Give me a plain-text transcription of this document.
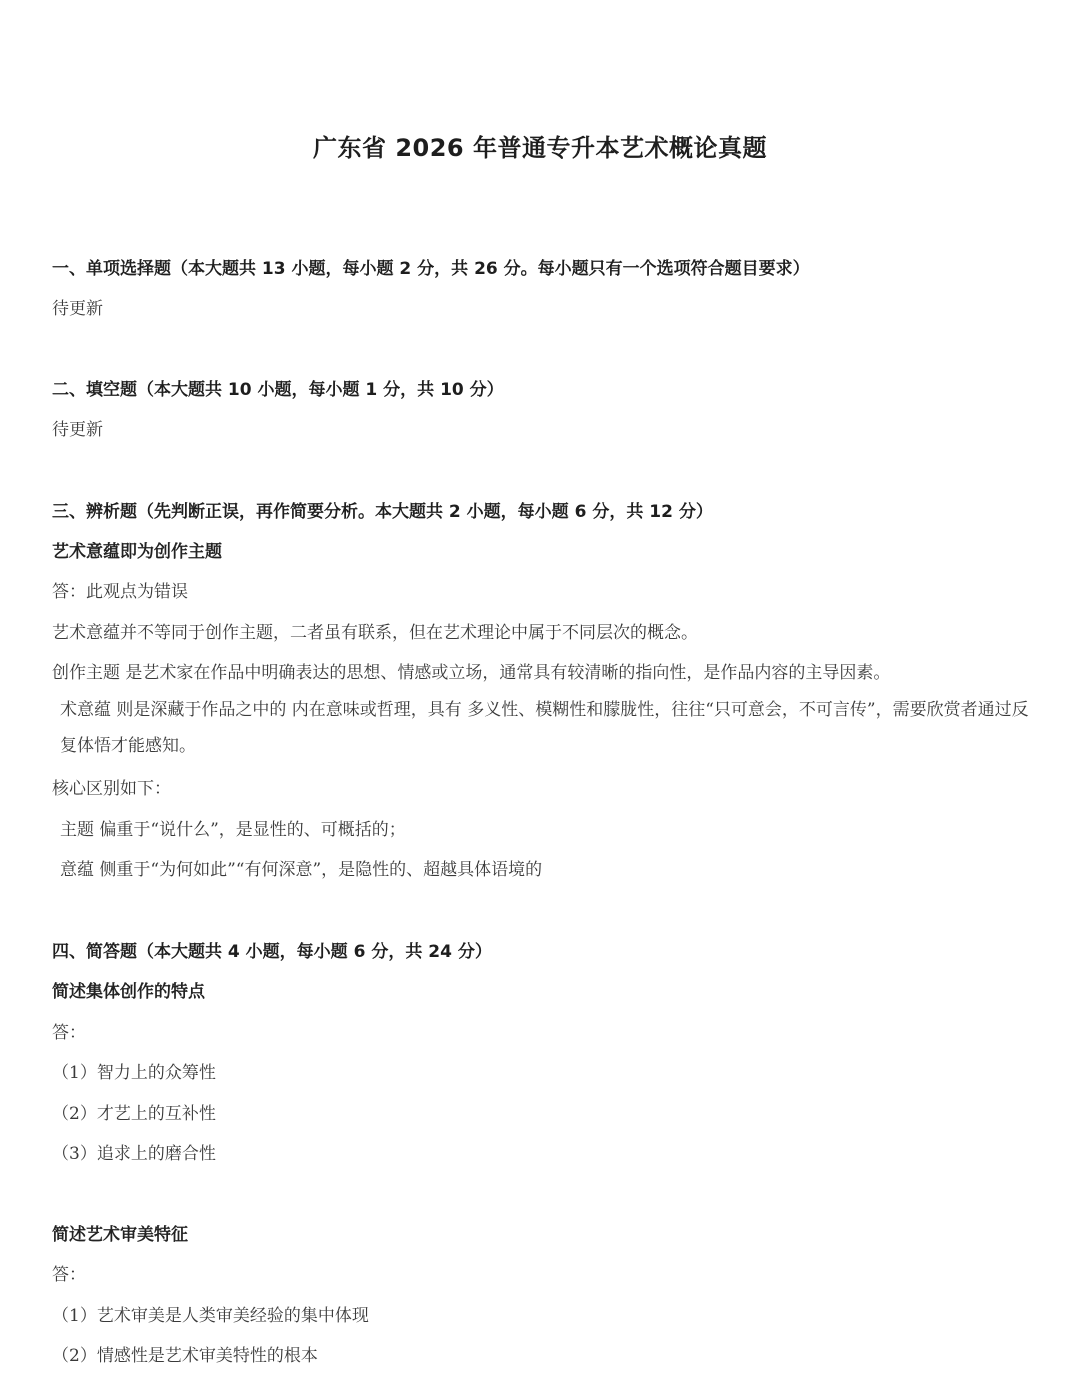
广东省 2026 年普通专升本艺术概论真题
一、单项选择题（本大题共 13 小题，每小题 2 分，共 26 分。每小题只有一个选项符合题目要求）
待更新
二、填空题（本大题共 10 小题，每小题 1 分，共 10 分）
待更新
三、辨析题（先判断正误，再作简要分析。本大题共 2 小题，每小题 6 分，共 12 分）
艺术意蕴即为创作主题
答：此观点为错误
艺术意蕴并不等同于创作主题，二者虽有联系，但在艺术理论中属于不同层次的概念。
创作主题 是艺术家在作品中明确表达的思想、情感或立场，通常具有较清晰的指向性，是作品内容的主导因素。
术意蕴 则是深藏于作品之中的 内在意味或哲理，具有 多义性、模糊性和朦胧性，往往“只可意会，不可言传”，需要欣赏者通过反复体悟才能感知。
核心区别如下：
主题 偏重于“说什么”，是显性的、可概括的；
意蕴 侧重于“为何如此”“有何深意”，是隐性的、超越具体语境的
四、简答题（本大题共 4 小题，每小题 6 分，共 24 分）
简述集体创作的特点
答：
（1）智力上的众筹性
（2）才艺上的互补性
（3）追求上的磨合性
简述艺术审美特征
答：
（1）艺术审美是人类审美经验的集中体现
（2）情感性是艺术审美特性的根本
